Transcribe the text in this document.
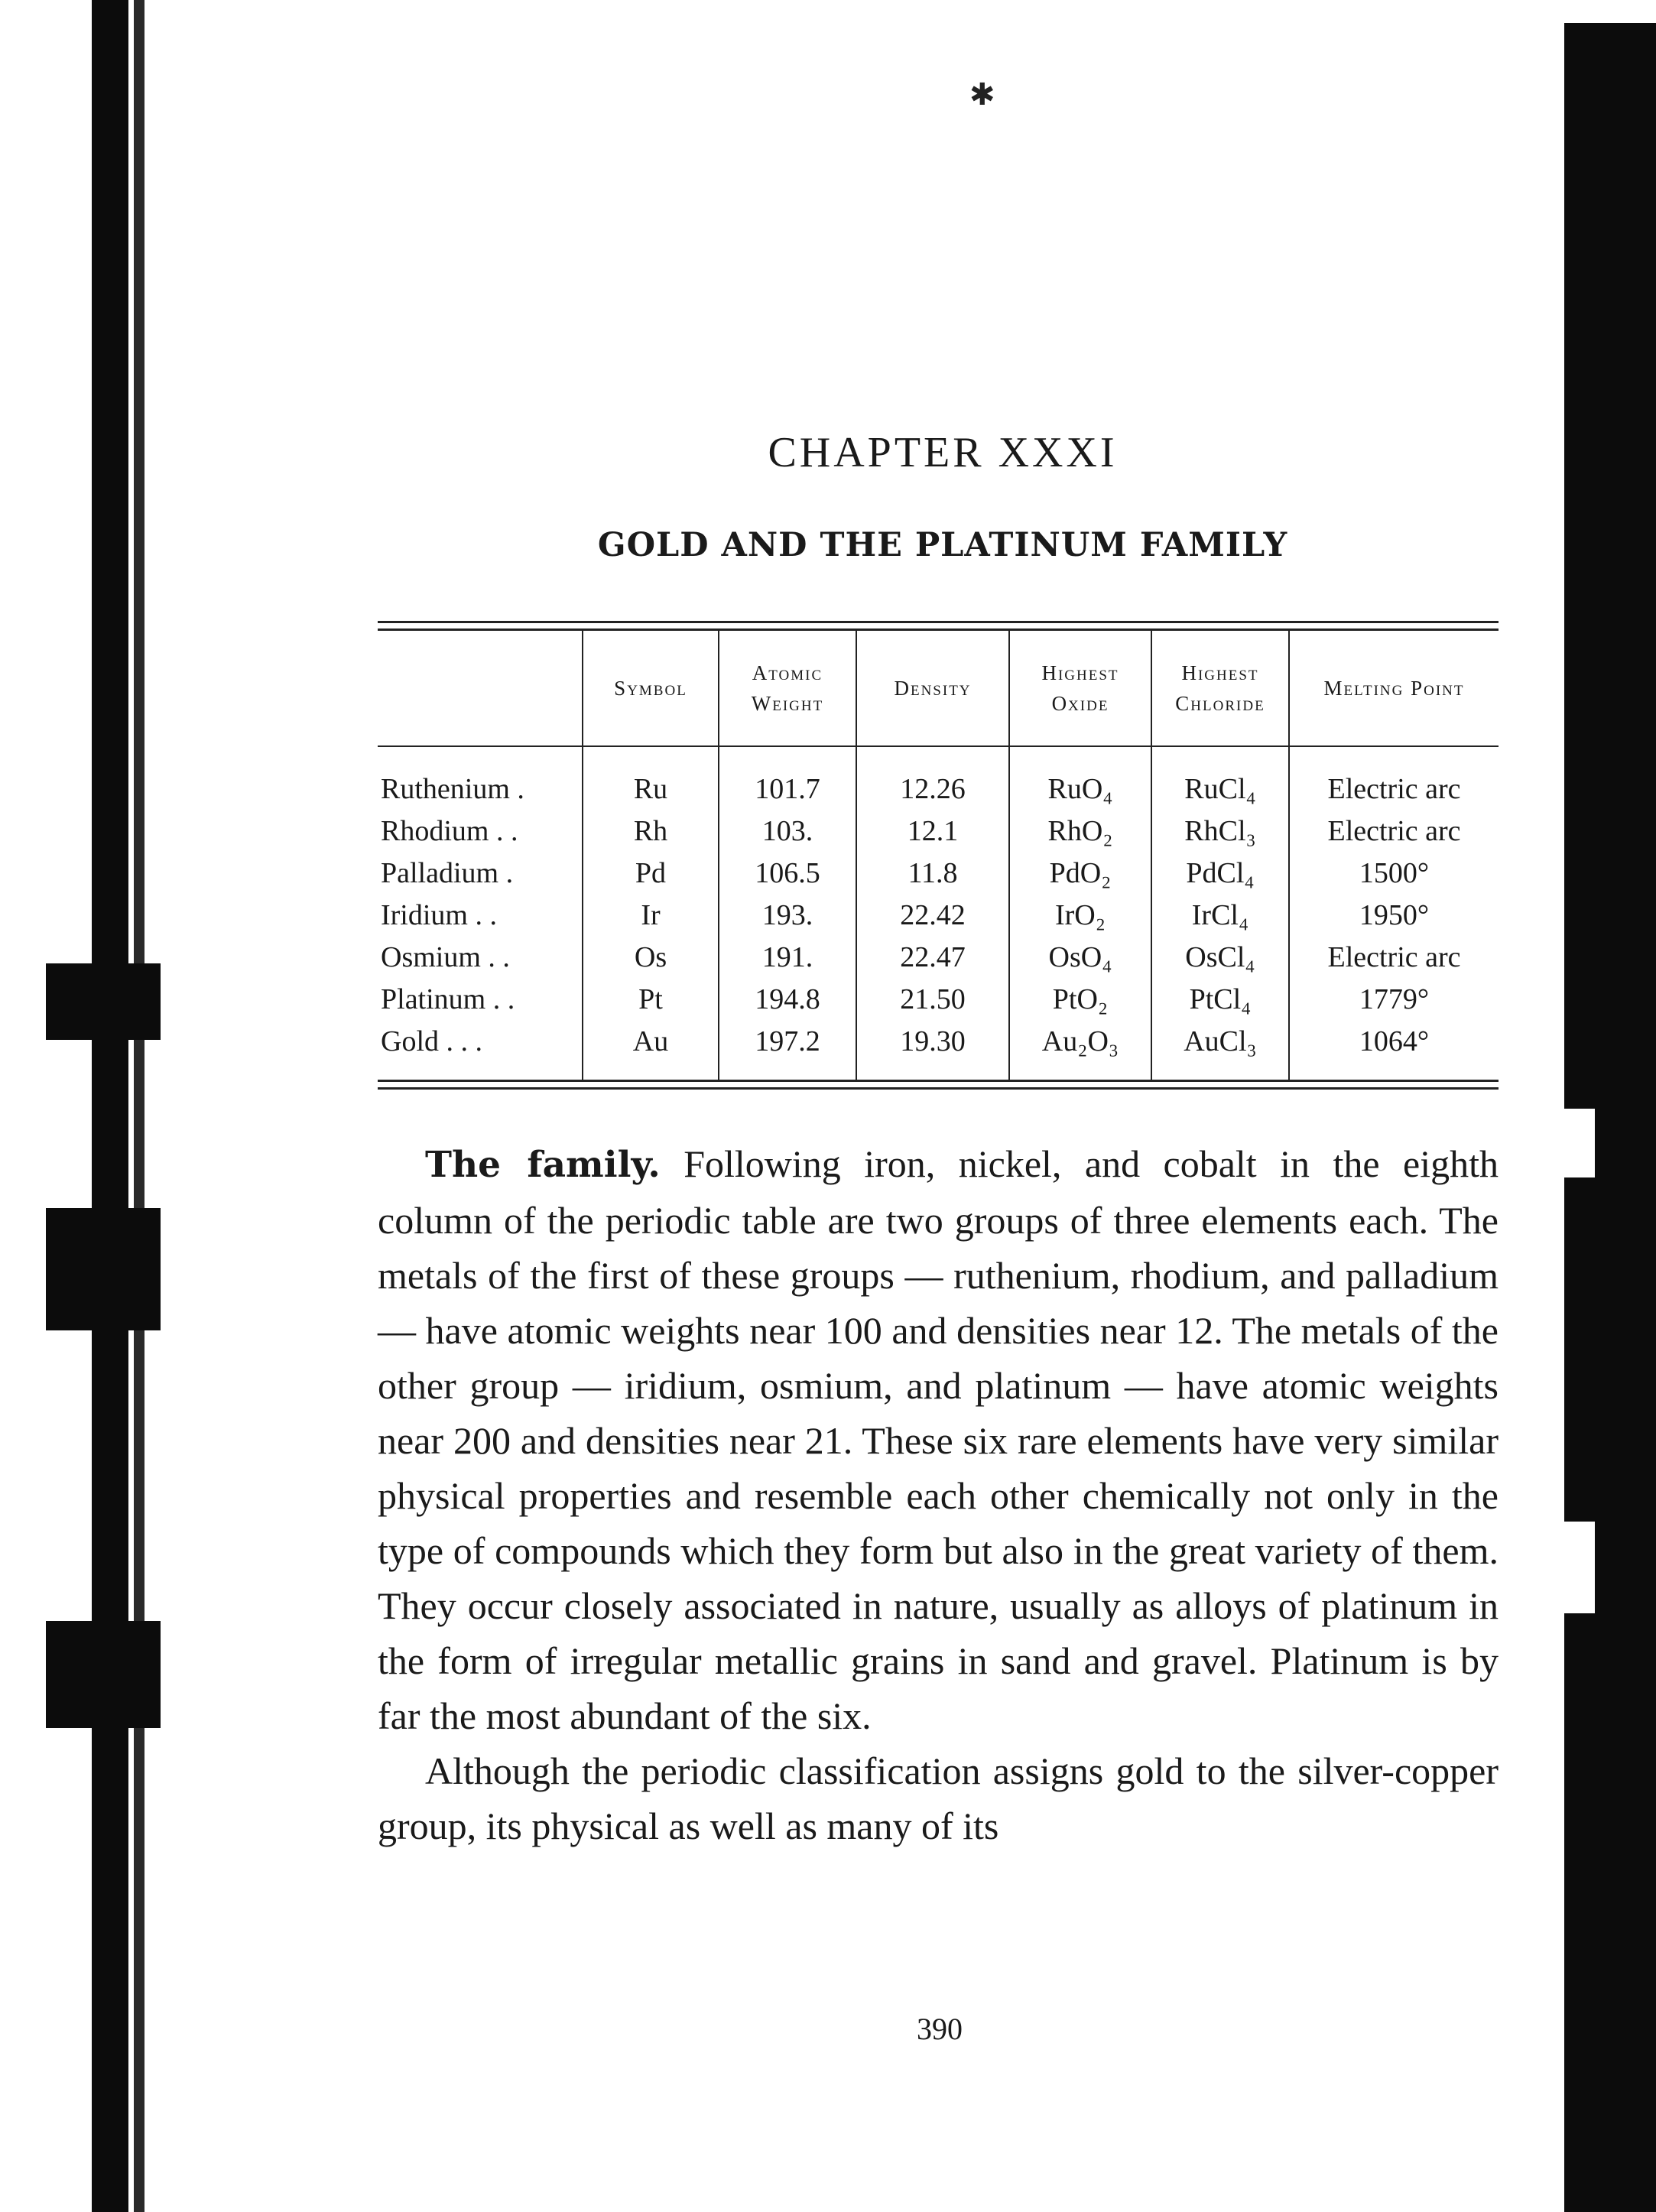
✱
CHAPTER XXXI
GOLD AND THE PLATINUM FAMILY
	Symbol	Atomic Weight	Density	Highest Oxide	Highest Chloride	Melting Point
Ruthenium .	Ru	101.7	12.26	RuO₄	RuCl₄	Electric arc
Rhodium . .	Rh	103.	12.1	RhO₂	RhCl₃	Electric arc
Palladium .	Pd	106.5	11.8	PdO₂	PdCl₄	1500°
Iridium . .	Ir	193.	22.42	IrO₂	IrCl₄	1950°
Osmium . .	Os	191.	22.47	OsO₄	OsCl₄	Electric arc
Platinum . .	Pt	194.8	21.50	PtO₂	PtCl₄	1779°
Gold . . .	Au	197.2	19.30	Au₂O₃	AuCl₃	1064°

The family. Following iron, nickel, and cobalt in the eighth column of the periodic table are two groups of three elements each. The metals of the first of these groups — ruthenium, rhodium, and palladium — have atomic weights near 100 and densities near 12. The metals of the other group — iridium, osmium, and platinum — have atomic weights near 200 and densities near 21. These six rare elements have very similar physical properties and resemble each other chemically not only in the type of compounds which they form but also in the great variety of them. They occur closely associated in nature, usually as alloys of platinum in the form of irregular metallic grains in sand and gravel. Platinum is by far the most abundant of the six.

Although the periodic classification assigns gold to the silver-copper group, its physical as well as many of its

390
